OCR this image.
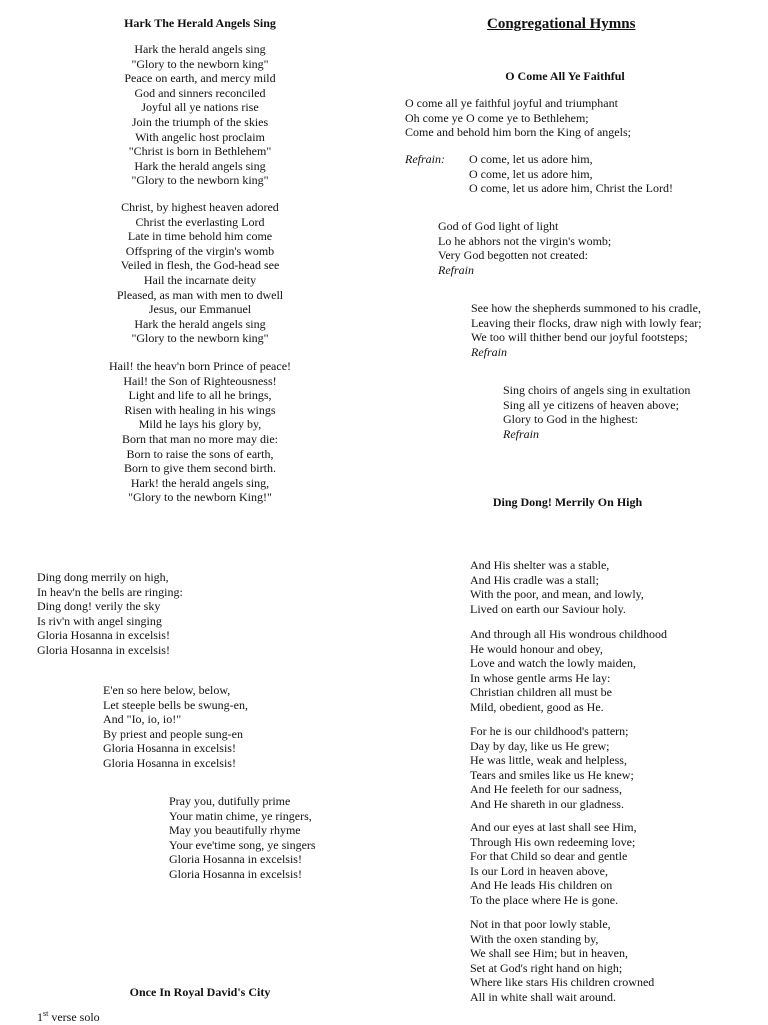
Congregational Hymns
Hark The Herald Angels Sing
Hark the herald angels sing
"Glory to the newborn king"
Peace on earth, and mercy mild
God and sinners reconciled
Joyful all ye nations rise
Join the triumph of the skies
With angelic host proclaim
"Christ is born in Bethlehem"
Hark the herald angels sing
"Glory to the newborn king"
Christ, by highest heaven adored
Christ the everlasting Lord
Late in time behold him come
Offspring of the virgin's womb
Veiled in flesh, the God-head see
Hail the incarnate deity
Pleased, as man with men to dwell
Jesus, our Emmanuel
Hark the herald angels sing
"Glory to the newborn king"
Hail! the heav'n born Prince of peace!
Hail! the Son of Righteousness!
Light and life to all he brings,
Risen with healing in his wings
Mild he lays his glory by,
Born that man no more may die:
Born to raise the sons of earth,
Born to give them second birth.
Hark! the herald angels sing,
"Glory to the newborn King!"
O Come All Ye Faithful
O come all ye faithful joyful and triumphant
Oh come ye O come ye to Bethlehem;
Come and behold him born the King of angels;
Refrain: O come, let us adore him,
O come, let us adore him,
O come, let us adore him, Christ the Lord!
God of God light of light
Lo he abhors not the virgin's womb;
Very God begotten not created:
Refrain
See how the shepherds summoned to his cradle,
Leaving their flocks, draw nigh with lowly fear;
We too will thither bend our joyful footsteps;
Refrain
Sing choirs of angels sing in exultation
Sing all ye citizens of heaven above;
Glory to God in the highest:
Refrain
Ding Dong! Merrily On High
Ding dong merrily on high,
In heav'n the bells are ringing:
Ding dong! verily the sky
Is riv'n with angel singing
Gloria Hosanna in excelsis!
Gloria Hosanna in excelsis!
E'en so here below, below,
Let steeple bells be swung-en,
And "Io, io, io!"
By priest and people sung-en
Gloria Hosanna in excelsis!
Gloria Hosanna in excelsis!
Pray you, dutifully prime
Your matin chime, ye ringers,
May you beautifully rhyme
Your eve'time song, ye singers
Gloria Hosanna in excelsis!
Gloria Hosanna in excelsis!
And His shelter was a stable,
And His cradle was a stall;
With the poor, and mean, and lowly,
Lived on earth our Saviour holy.
And through all His wondrous childhood
He would honour and obey,
Love and watch the lowly maiden,
In whose gentle arms He lay:
Christian children all must be
Mild, obedient, good as He.
For he is our childhood's pattern;
Day by day, like us He grew;
He was little, weak and helpless,
Tears and smiles like us He knew;
And He feeleth for our sadness,
And He shareth in our gladness.
And our eyes at last shall see Him,
Through His own redeeming love;
For that Child so dear and gentle
Is our Lord in heaven above,
And He leads His children on
To the place where He is gone.
Not in that poor lowly stable,
With the oxen standing by,
We shall see Him; but in heaven,
Set at God's right hand on high;
Where like stars His children crowned
All in white shall wait around.
Once In Royal David's City
1st verse solo
